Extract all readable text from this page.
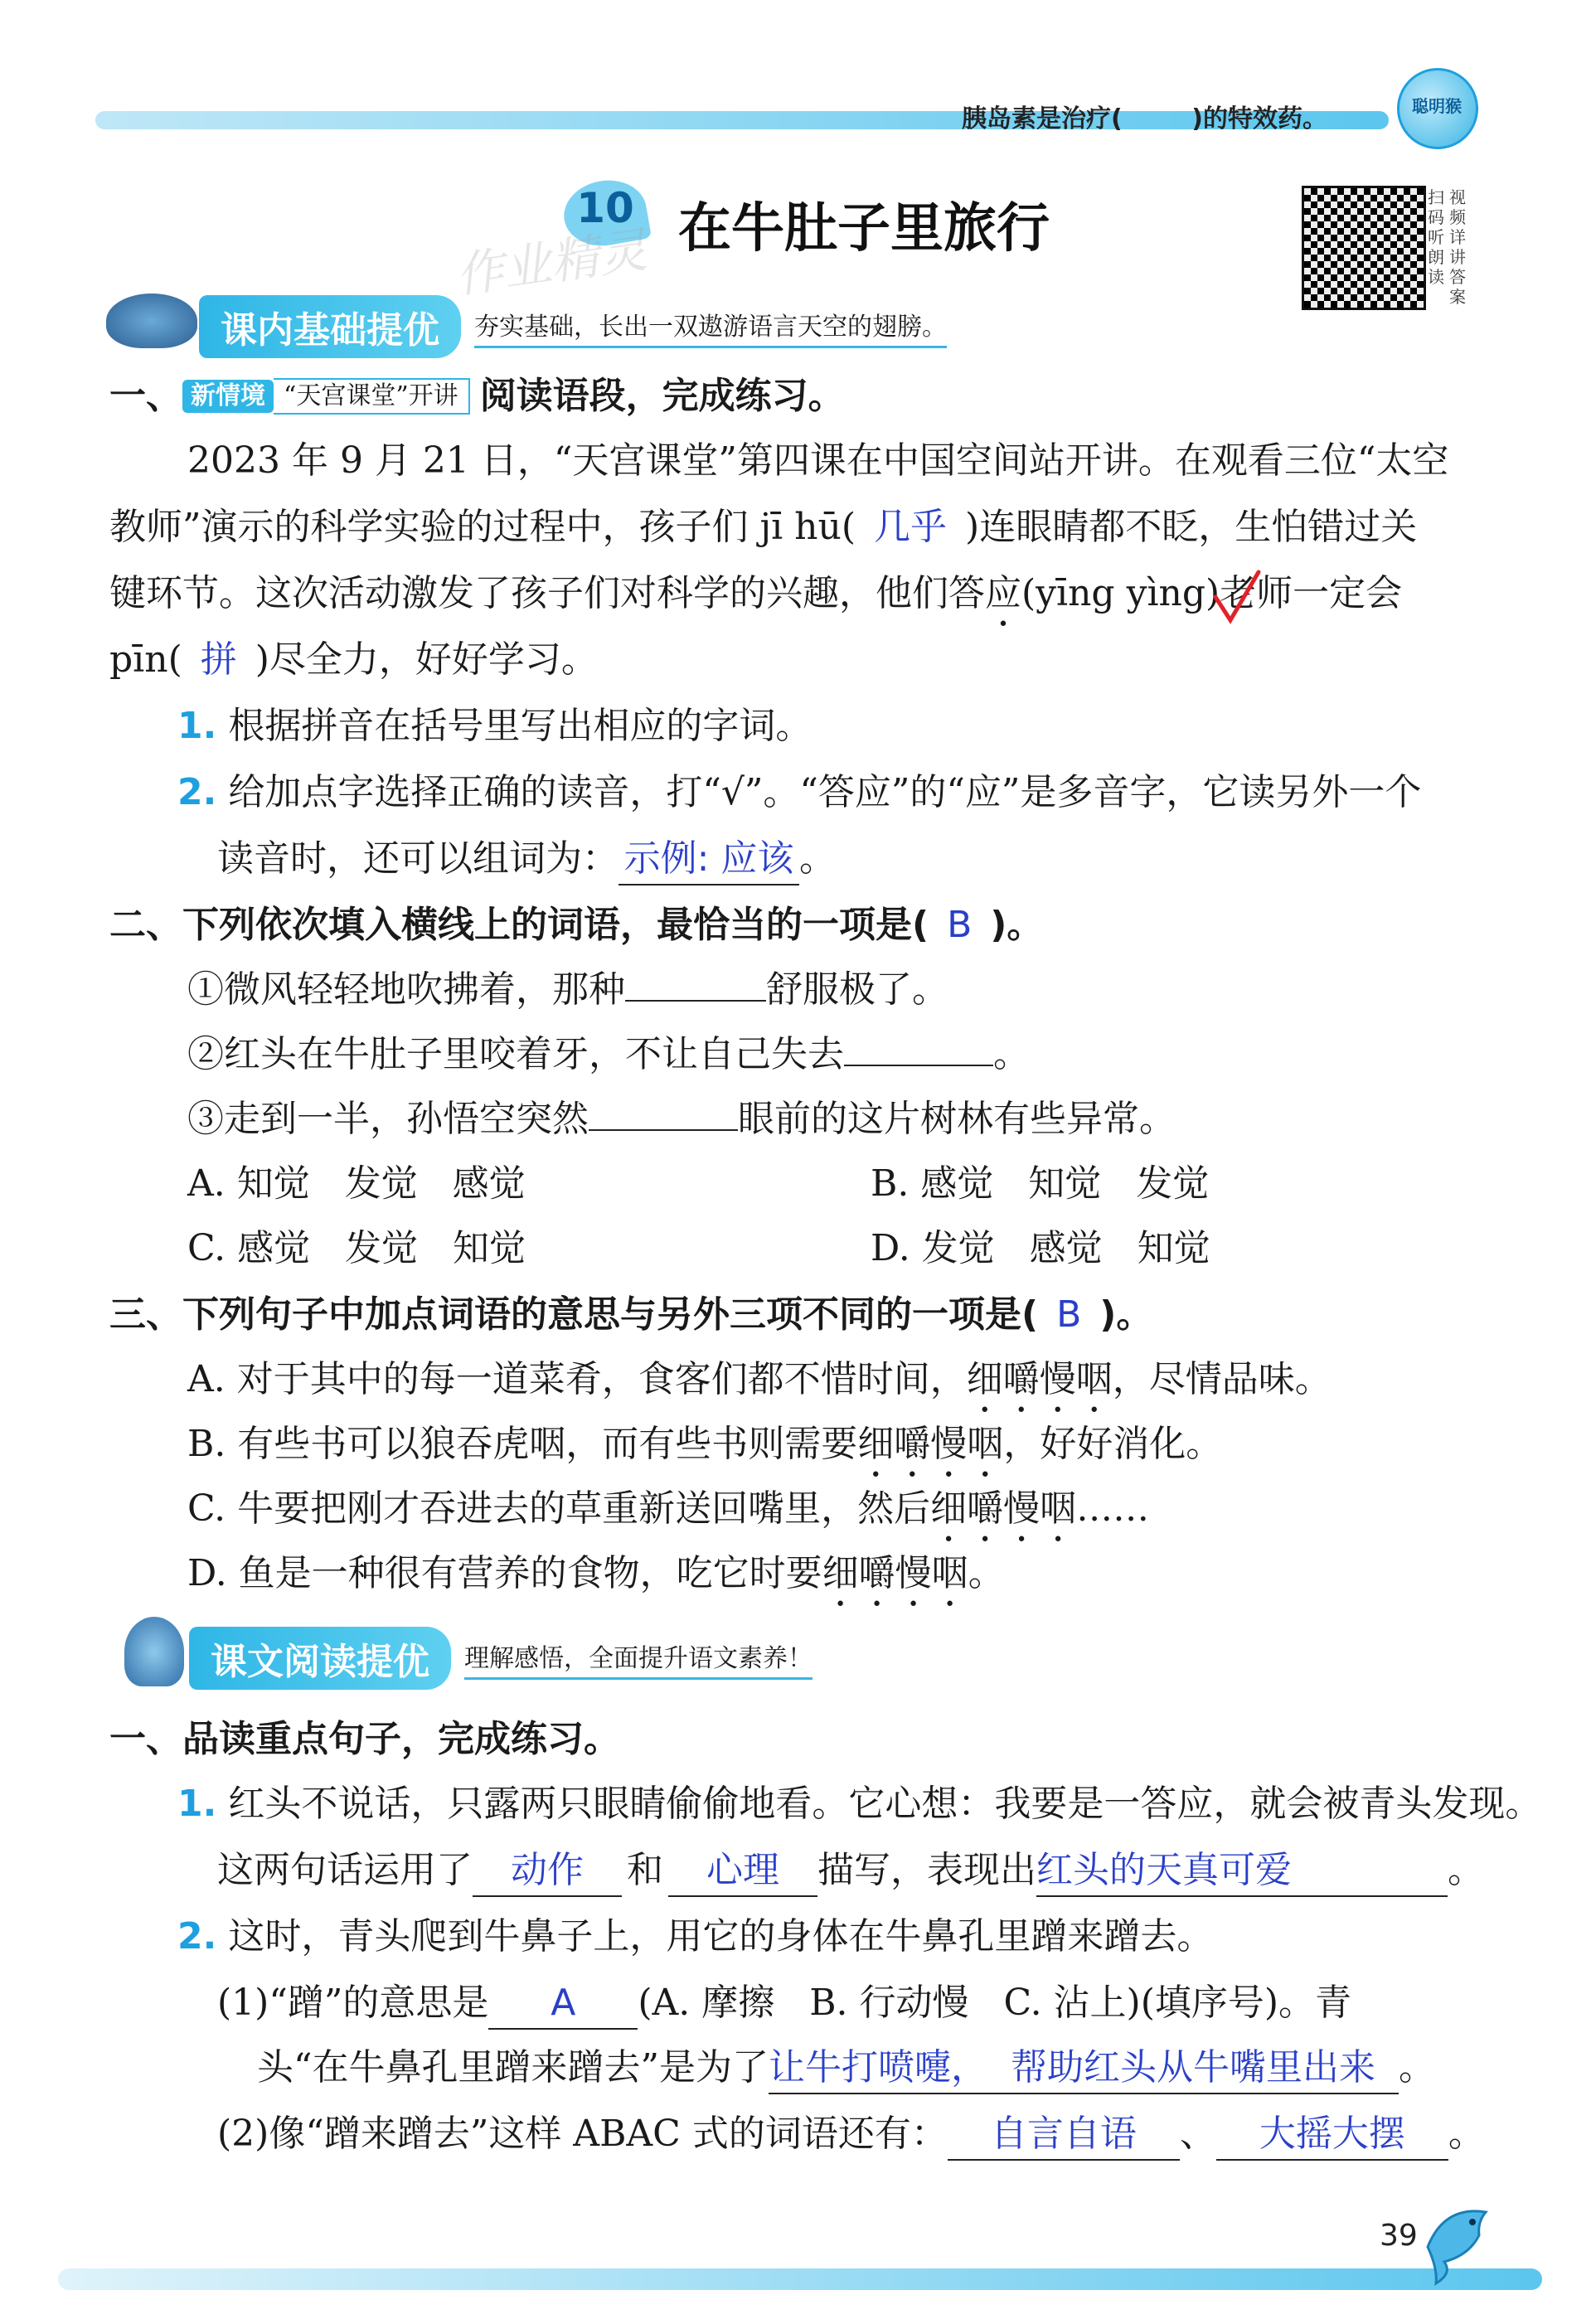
胰岛素是治疗(        )的特效药。	聪明猴
10 在牛肚子里旅行
作业精灵
扫码听朗读
视频详讲答案
课内基础提优	夯实基础，长出一双遨游语言天空的翅膀。
一、 新情境 “天宫课堂”开讲 阅读语段，完成练习。
2023 年 9 月 21 日，“天宫课堂”第四课在中国空间站开讲。在观看三位“太空
教师”演示的科学实验的过程中，孩子们 jī hū( 几乎 )连眼睛都不眨，生怕错过关
键环节。这次活动激发了孩子们对科学的兴趣，他们答应(yīng yìng)老师一定会
pīn( 拼 )尽全力，好好学习。
1. 根据拼音在括号里写出相应的字词。
2. 给加点字选择正确的读音，打“√”。“答应”的“应”是多音字，它读另外一个
读音时，还可以组词为： 示例: 应该 。
二、下列依次填入横线上的词语，最恰当的一项是( B )。
①微风轻轻地吹拂着，那种	舒服极了。
②红头在牛肚子里咬着牙，不让自己失去	。
③走到一半，孙悟空突然	眼前的这片树林有些异常。
A. 知觉   发觉   感觉	B. 感觉   知觉   发觉
C. 感觉   发觉   知觉	D. 发觉   感觉   知觉
三、下列句子中加点词语的意思与另外三项不同的一项是( B )。
A. 对于其中的每一道菜肴，食客们都不惜时间，细嚼慢咽，尽情品味。
B. 有些书可以狼吞虎咽，而有些书则需要细嚼慢咽，好好消化。
C. 牛要把刚才吞进去的草重新送回嘴里，然后细嚼慢咽……
D. 鱼是一种很有营养的食物，吃它时要细嚼慢咽。
课文阅读提优	理解感悟，全面提升语文素养！
一、品读重点句子，完成练习。
1. 红头不说话，只露两只眼睛偷偷地看。它心想：我要是一答应，就会被青头发现。
这两句话运用了 动作 和 心理 描写，表现出红头的天真可爱	。
2. 这时，青头爬到牛鼻子上，用它的身体在牛鼻孔里蹭来蹭去。
(1)“蹭”的意思是 A (A. 摩擦   B. 行动慢   C. 沾上)(填序号)。青
头“在牛鼻孔里蹭来蹭去”是为了让牛打喷嚏，  帮助红头从牛嘴里出来 。
(2)像“蹭来蹭去”这样 ABAC 式的词语还有： 自言自语 、 大摇大摆 。
39
